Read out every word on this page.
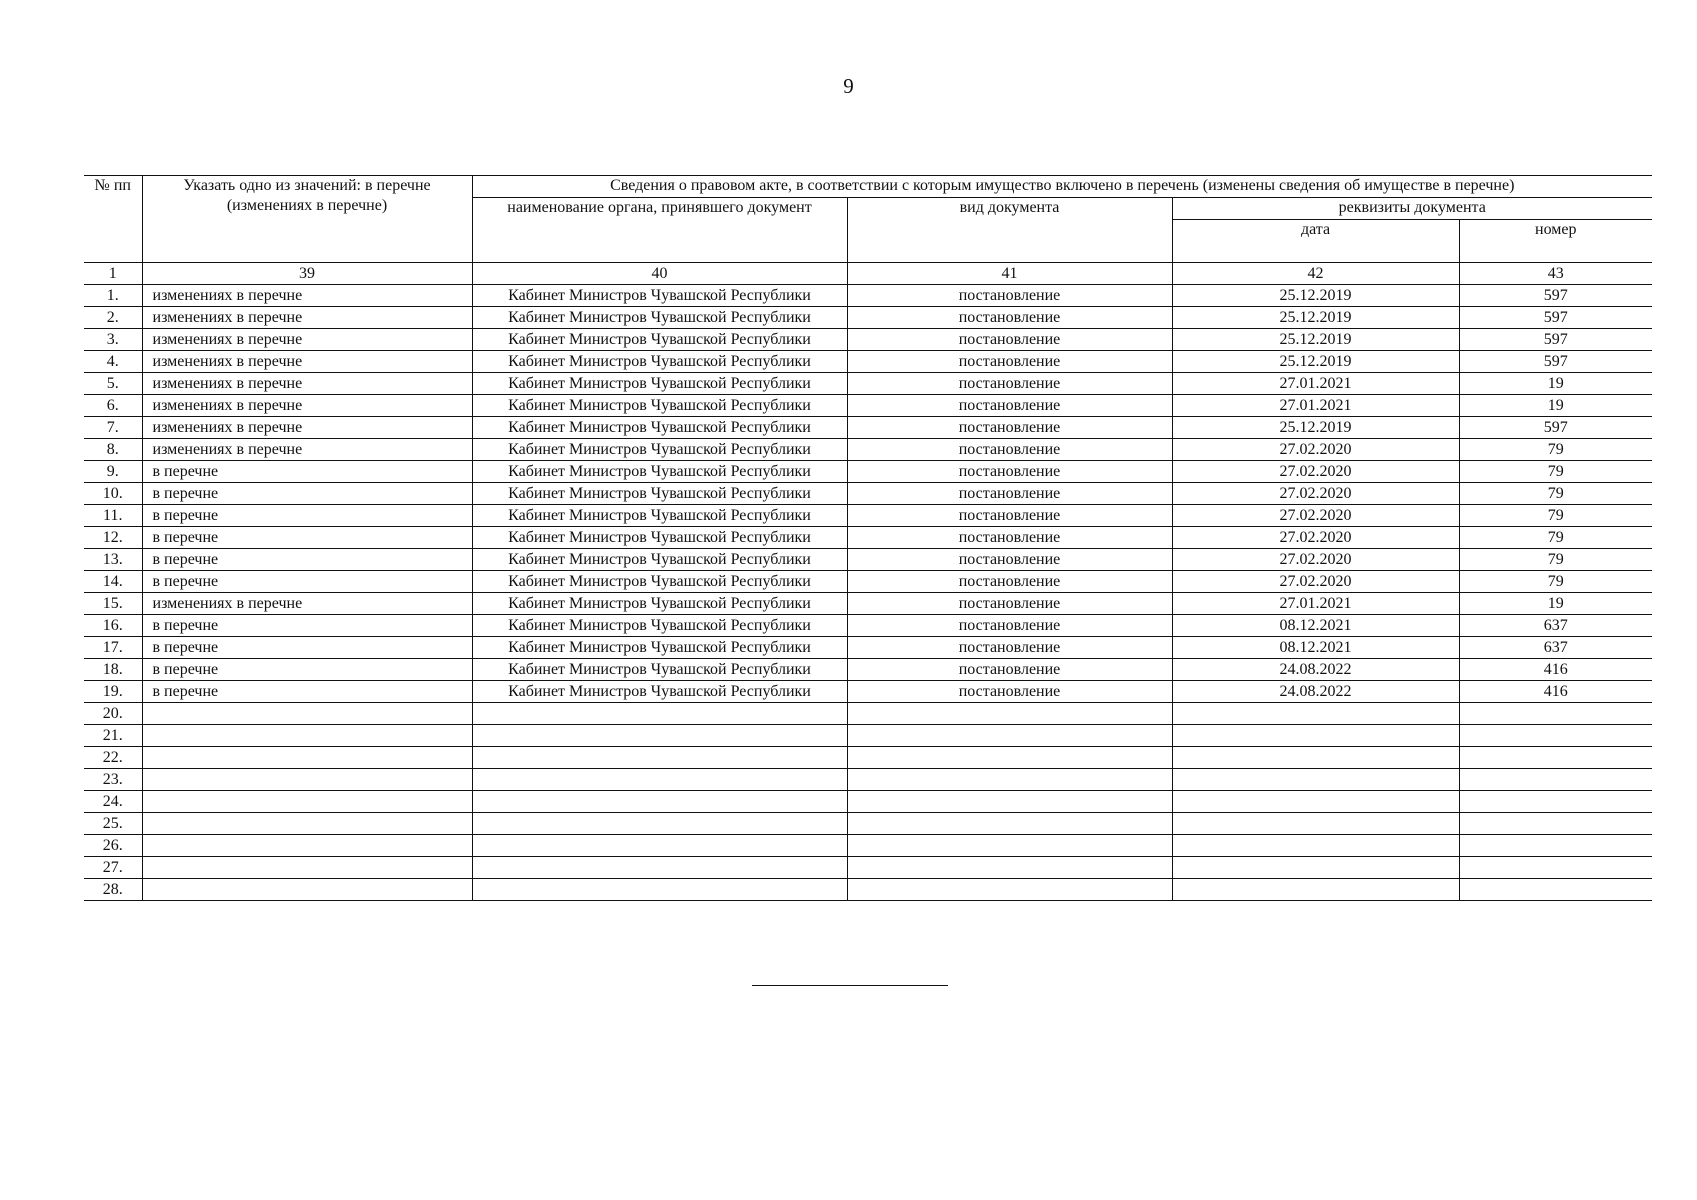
9
№ пп	Указать одно из значений: в перечне (изменениях в перечне)	Сведения о правовом акте, в соответствии с которым имущество включено в перечень (изменены сведения об имуществе в перечне)			
		наименование органа, принявшего документ	вид документа	реквизиты документа	
				дата	номер
1	39	40	41	42	43
1.	изменениях в перечне	Кабинет Министров Чувашской Республики	постановление	25.12.2019	597
2.	изменениях в перечне	Кабинет Министров Чувашской Республики	постановление	25.12.2019	597
3.	изменениях в перечне	Кабинет Министров Чувашской Республики	постановление	25.12.2019	597
4.	изменениях в перечне	Кабинет Министров Чувашской Республики	постановление	25.12.2019	597
5.	изменениях в перечне	Кабинет Министров Чувашской Республики	постановление	27.01.2021	19
6.	изменениях в перечне	Кабинет Министров Чувашской Республики	постановление	27.01.2021	19
7.	изменениях в перечне	Кабинет Министров Чувашской Республики	постановление	25.12.2019	597
8.	изменениях в перечне	Кабинет Министров Чувашской Республики	постановление	27.02.2020	79
9.	в перечне	Кабинет Министров Чувашской Республики	постановление	27.02.2020	79
10.	в перечне	Кабинет Министров Чувашской Республики	постановление	27.02.2020	79
11.	в перечне	Кабинет Министров Чувашской Республики	постановление	27.02.2020	79
12.	в перечне	Кабинет Министров Чувашской Республики	постановление	27.02.2020	79
13.	в перечне	Кабинет Министров Чувашской Республики	постановление	27.02.2020	79
14.	в перечне	Кабинет Министров Чувашской Республики	постановление	27.02.2020	79
15.	изменениях в перечне	Кабинет Министров Чувашской Республики	постановление	27.01.2021	19
16.	в перечне	Кабинет Министров Чувашской Республики	постановление	08.12.2021	637
17.	в перечне	Кабинет Министров Чувашской Республики	постановление	08.12.2021	637
18.	в перечне	Кабинет Министров Чувашской Республики	постановление	24.08.2022	416
19.	в перечне	Кабинет Министров Чувашской Республики	постановление	24.08.2022	416
20.					
21.					
22.					
23.					
24.					
25.					
26.					
27.					
28.					
